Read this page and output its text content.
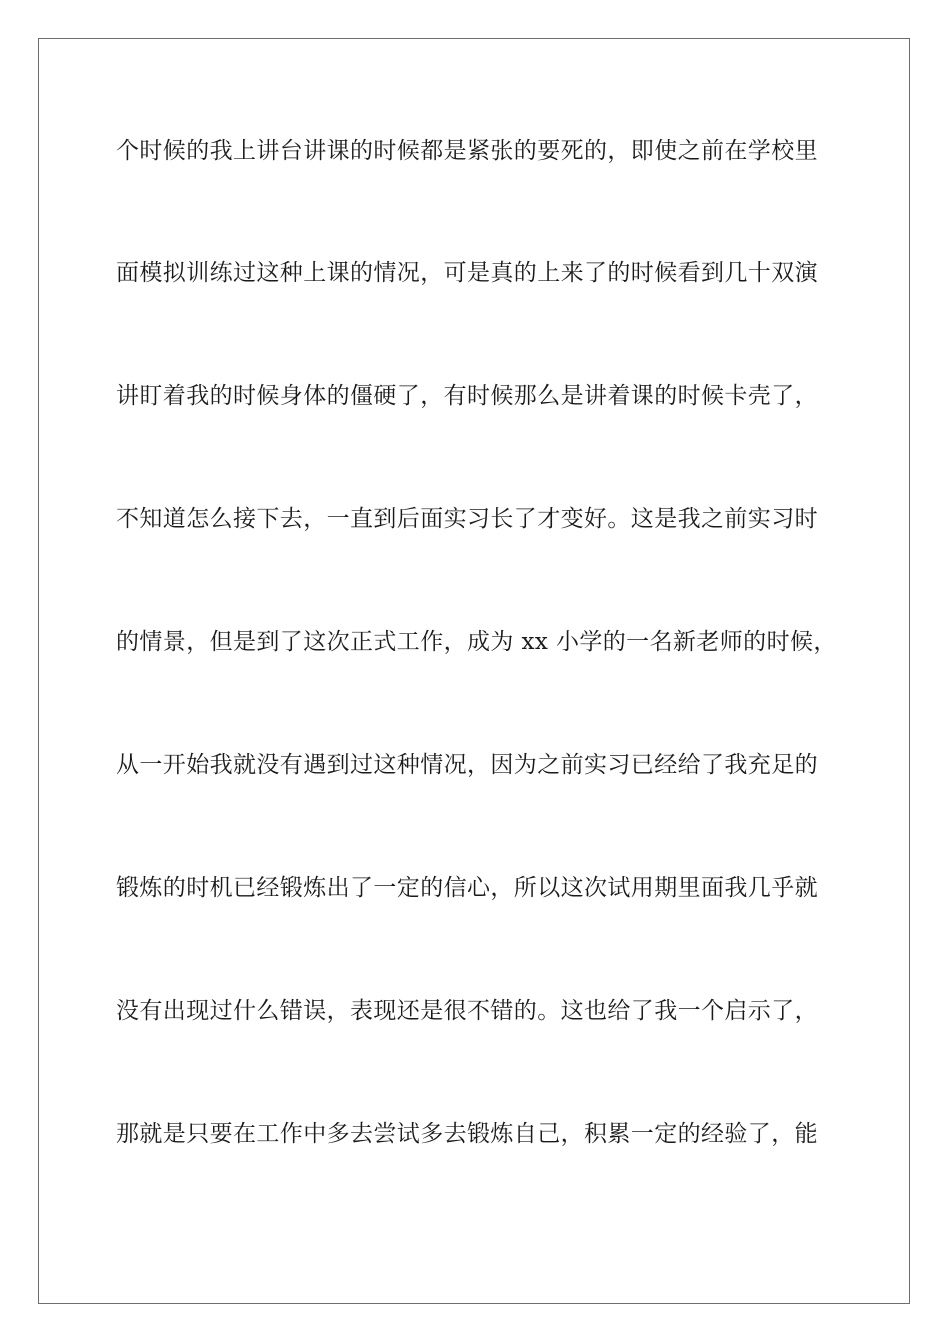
个时候的我上讲台讲课的时候都是紧张的要死的，即使之前在学校里

面模拟训练过这种上课的情况，可是真的上来了的时候看到几十双演

讲盯着我的时候身体的僵硬了，有时候那么是讲着课的时候卡壳了，

不知道怎么接下去，一直到后面实习长了才变好。这是我之前实习时

的情景，但是到了这次正式工作，成为 xx 小学的一名新老师的时候，

从一开始我就没有遇到过这种情况，因为之前实习已经给了我充足的

锻炼的时机已经锻炼出了一定的信心，所以这次试用期里面我几乎就

没有出现过什么错误，表现还是很不错的。这也给了我一个启示了，

那就是只要在工作中多去尝试多去锻炼自己，积累一定的经验了，能
